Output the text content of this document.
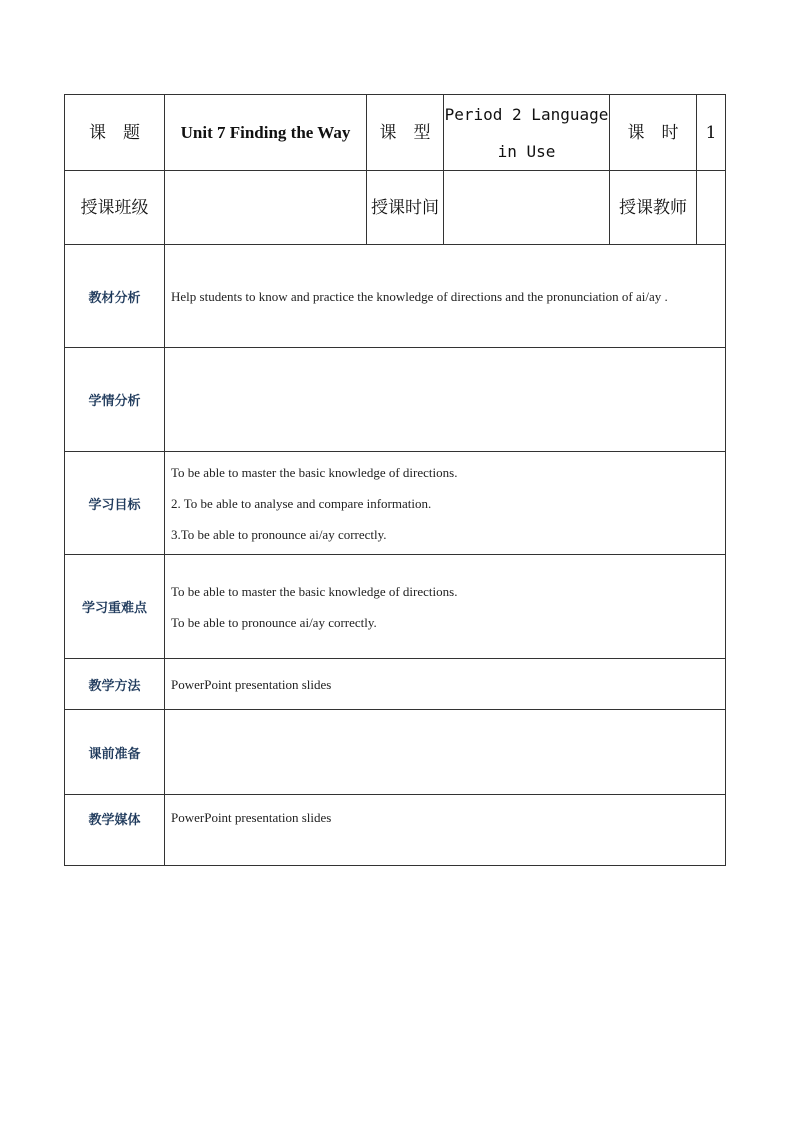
课　题	Unit 7 Finding the Way	课　型	Period 2 Language in Use	课　时	1
授课班级		授课时间		授课教师	
教材分析	Help students to know and practice the knowledge of directions and the pronunciation of ai/ay .				

学情分析					
学习目标	To be able to master the basic knowledge of directions.

2. To be able to analyse and compare information.

3.To be able to pronounce ai/ay correctly.				

学习重难点	To be able to master the basic knowledge of directions.

To be able to pronounce ai/ay correctly.				

教学方法	PowerPoint presentation slides				

课前准备					
教学媒体	PowerPoint presentation slides				
